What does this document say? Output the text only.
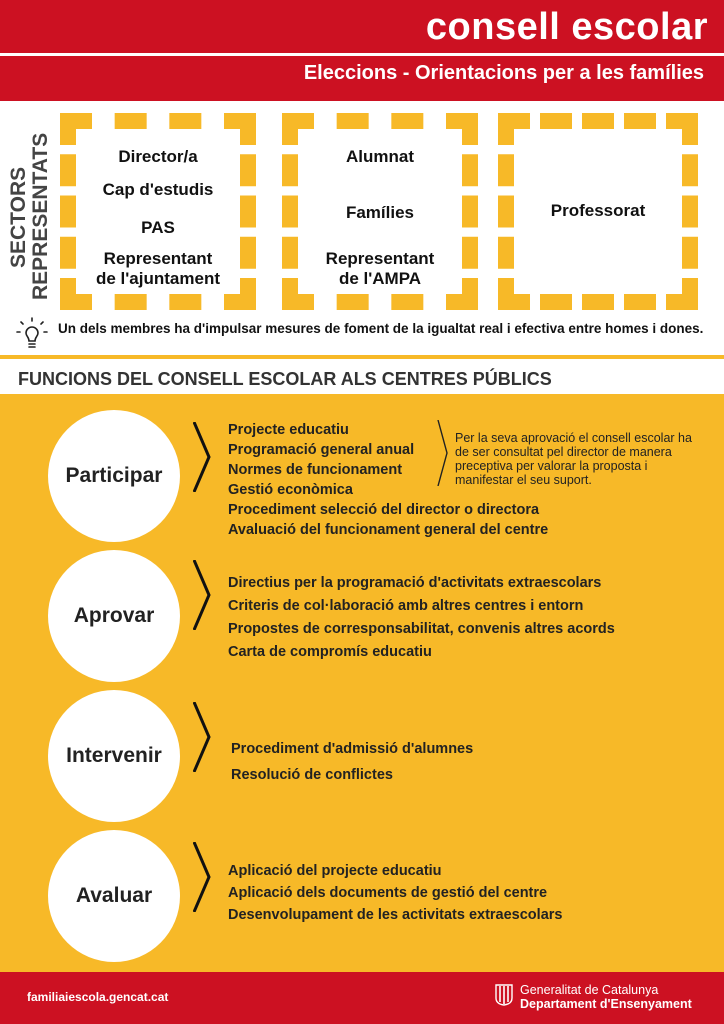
consell escolar
Eleccions - Orientacions per a les famílies
SECTORS REPRESENTATS	Director/a
Cap d'estudis
PAS
Representant
de l'ajuntament
Alumnat
Famílies
Representant
de l'AMPA
Professorat
Un dels membres ha d'impulsar mesures de foment de la igualtat real i efectiva entre homes i dones.
FUNCIONS DEL CONSELL ESCOLAR ALS CENTRES PÚBLICS
Participar
Projecte educatiu
Programació general anual
Normes de funcionament
Gestió econòmica
Procediment selecció del director o directora
Avaluació del funcionament general del centre
Per la seva aprovació el consell escolar ha de ser consultat pel director de manera preceptiva per valorar la proposta i manifestar el seu suport.
Aprovar
Directius per la programació d'activitats extraescolars
Criteris de col·laboració amb altres centres i entorn
Propostes de corresponsabilitat, convenis altres acords
Carta de compromís educatiu
Intervenir	Procediment d'admissió d'alumnes
Resolució de conflictes
Avaluar
Aplicació del projecte educatiu
Aplicació dels documents de gestió del centre
Desenvolupament de les activitats extraescolars
familiaiescola.gencat.cat	Generalitat de Catalunya
Departament d'Ensenyament
